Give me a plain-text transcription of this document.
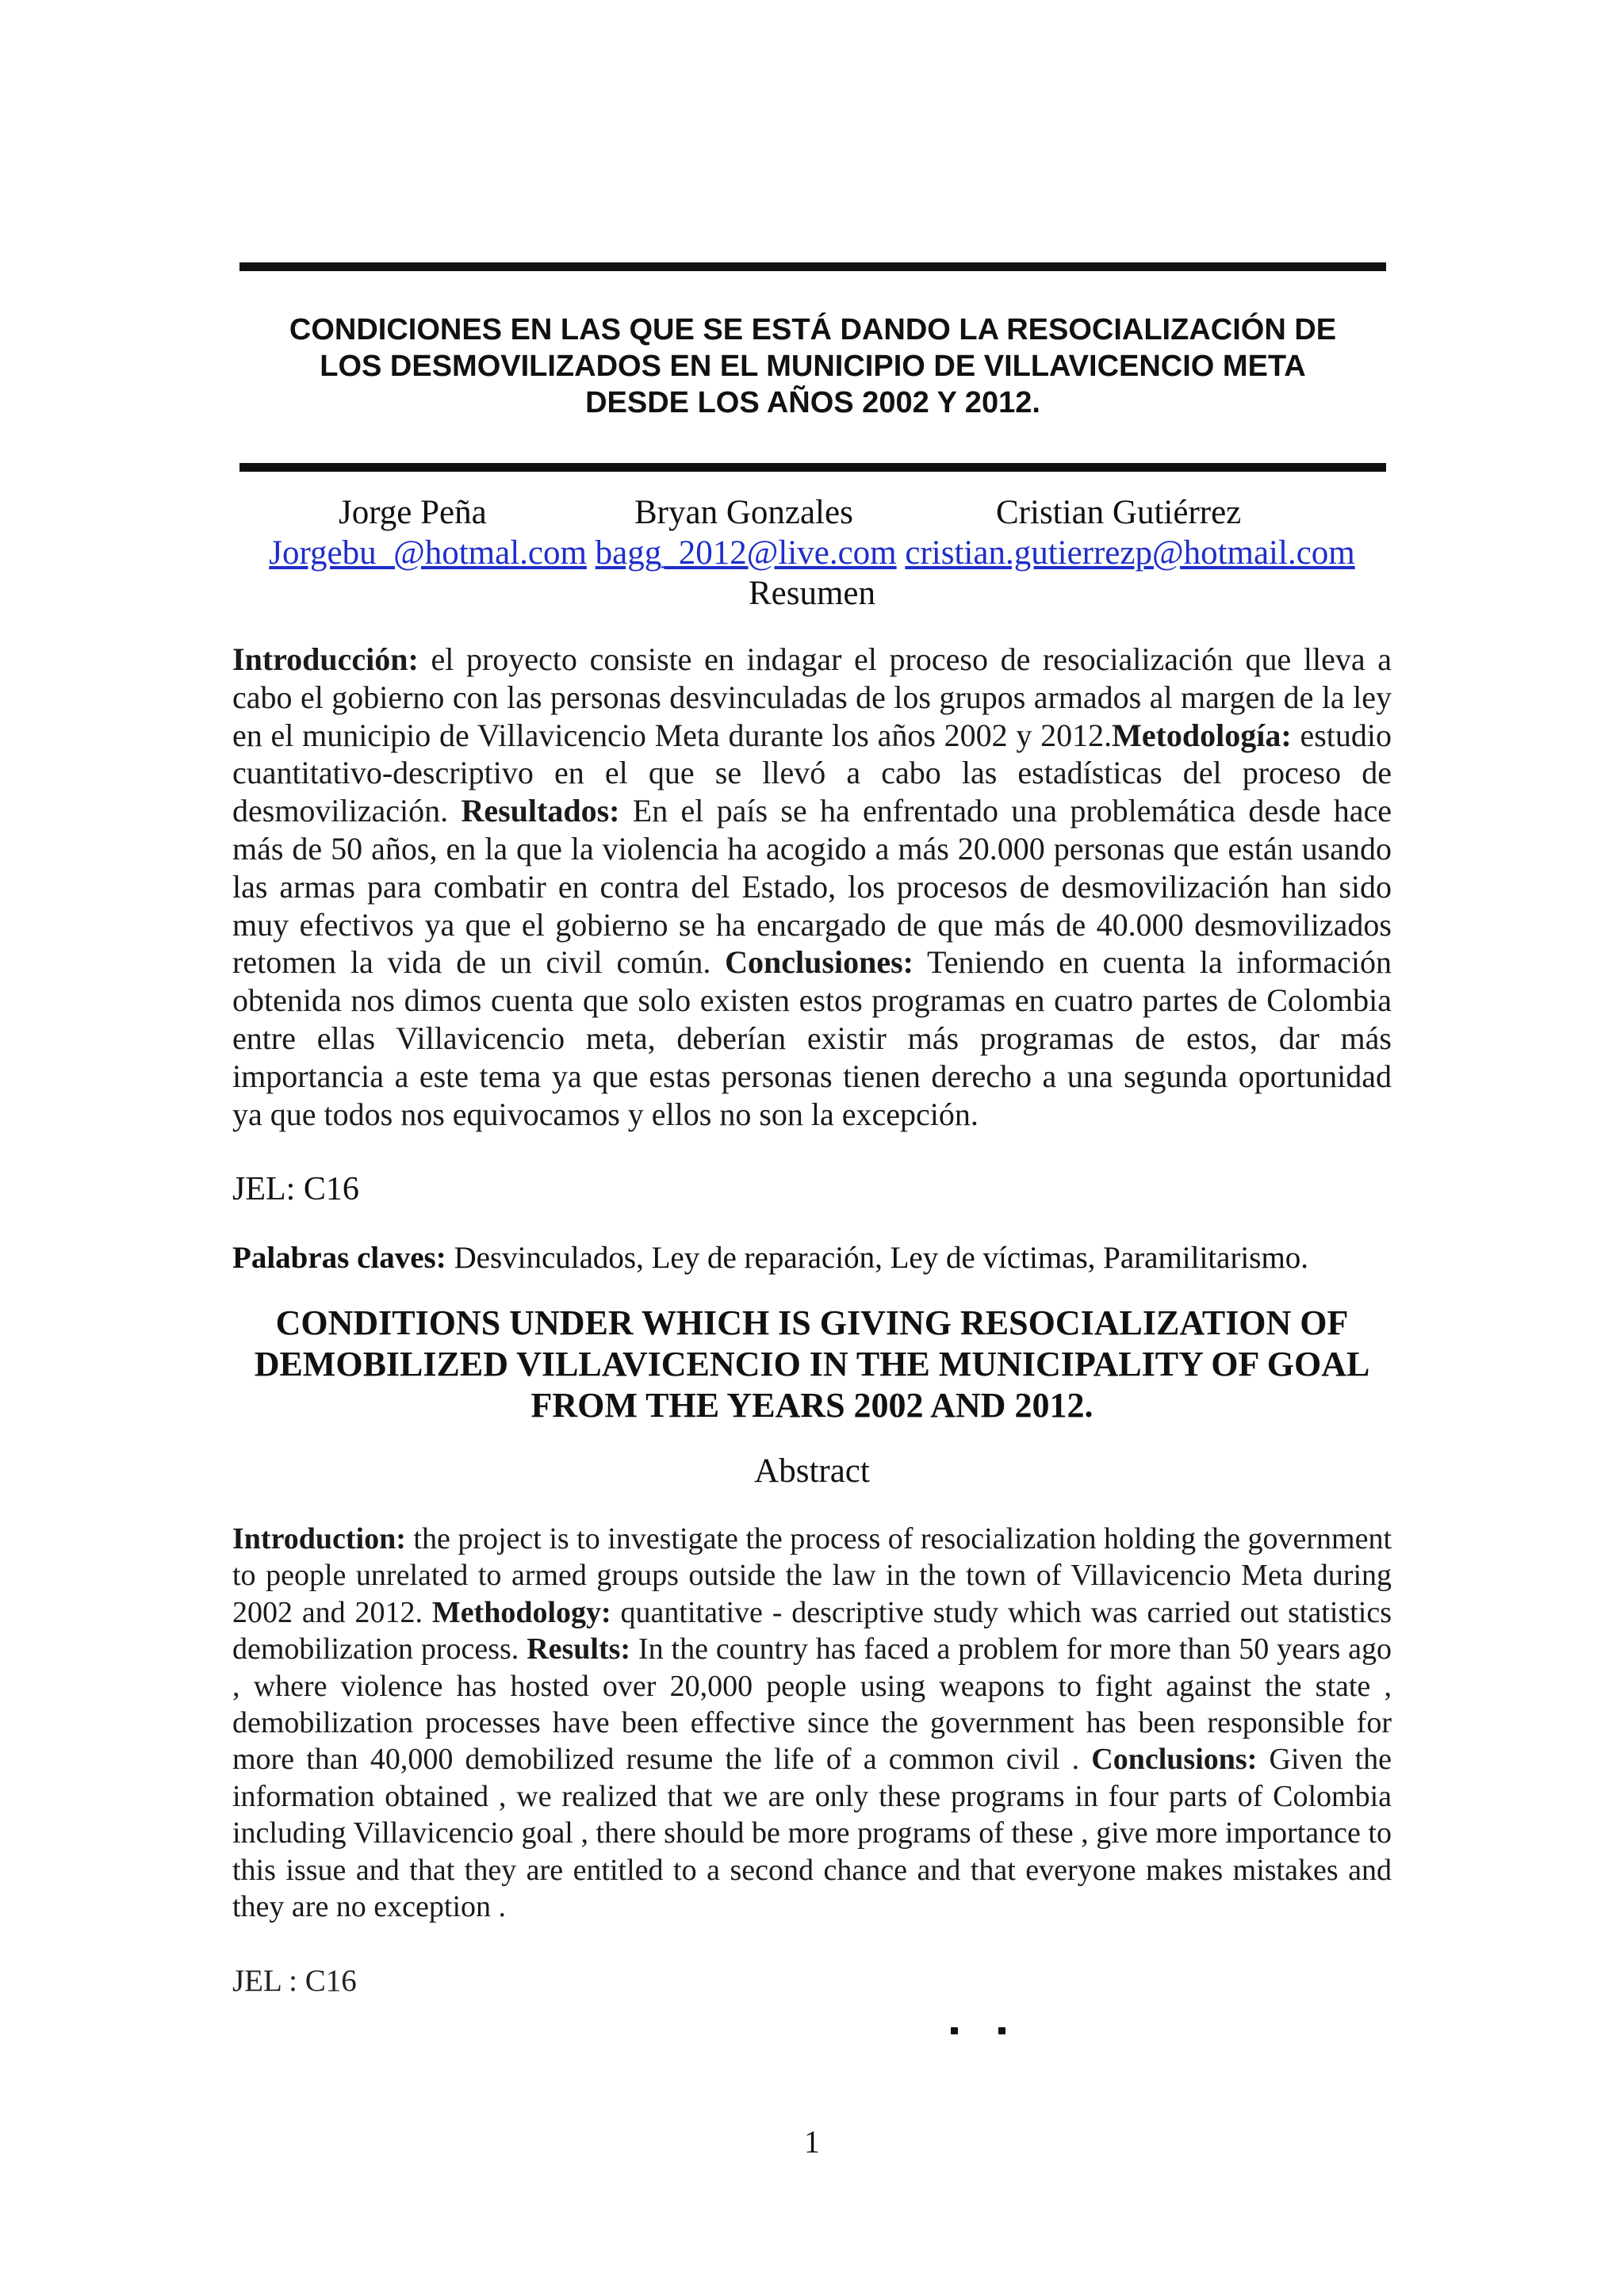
CONDICIONES EN LAS QUE SE ESTÁ DANDO LA RESOCIALIZACIÓN DE
LOS DESMOVILIZADOS EN EL MUNICIPIO DE VILLAVICENCIO META
DESDE LOS AÑOS 2002 Y 2012.
Jorge Peña	Bryan Gonzales	Cristian Gutiérrez
Jorgebu_@hotmal.com bagg_2012@live.com cristian.gutierrezp@hotmail.com
Resumen
Introducción: el proyecto consiste en indagar el proceso de resocialización que lleva a cabo el gobierno con las personas desvinculadas de los grupos armados al margen de la ley en el municipio de Villavicencio Meta durante los años 2002 y 2012.Metodología: estudio cuantitativo-descriptivo en el que se llevó a cabo las estadísticas del proceso de desmovilización. Resultados: En el país se ha enfrentado una problemática desde hace más de 50 años, en la que la violencia ha acogido a más 20.000 personas que están usando las armas para combatir en contra del Estado, los procesos de desmovilización han sido muy efectivos ya que el gobierno se ha encargado de que más de 40.000 desmovilizados retomen la vida de un civil común. Conclusiones: Teniendo en cuenta la información obtenida nos dimos cuenta que solo existen estos programas en cuatro partes de Colombia entre ellas Villavicencio meta, deberían existir más programas de estos, dar más importancia a este tema ya que estas personas tienen derecho a una segunda oportunidad ya que todos nos equivocamos y ellos no son la excepción.
JEL: C16
Palabras claves: Desvinculados, Ley de reparación, Ley de víctimas, Paramilitarismo.
CONDITIONS UNDER WHICH IS GIVING RESOCIALIZATION OF
DEMOBILIZED VILLAVICENCIO IN THE MUNICIPALITY OF GOAL
FROM THE YEARS 2002 AND 2012.
Abstract
Introduction: the project is to investigate the process of resocialization holding the government to people unrelated to armed groups outside the law in the town of Villavicencio Meta during 2002 and 2012. Methodology: quantitative - descriptive study which was carried out statistics demobilization process. Results: In the country has faced a problem for more than 50 years ago , where violence has hosted over 20,000 people using weapons to fight against the state , demobilization processes have been effective since the government has been responsible for more than 40,000 demobilized resume the life of a common civil . Conclusions: Given the information obtained , we realized that we are only these programs in four parts of Colombia including Villavicencio goal , there should be more programs of these , give more importance to this issue and that they are entitled to a second chance and that everyone makes mistakes and they are no exception .
JEL : C16
1
